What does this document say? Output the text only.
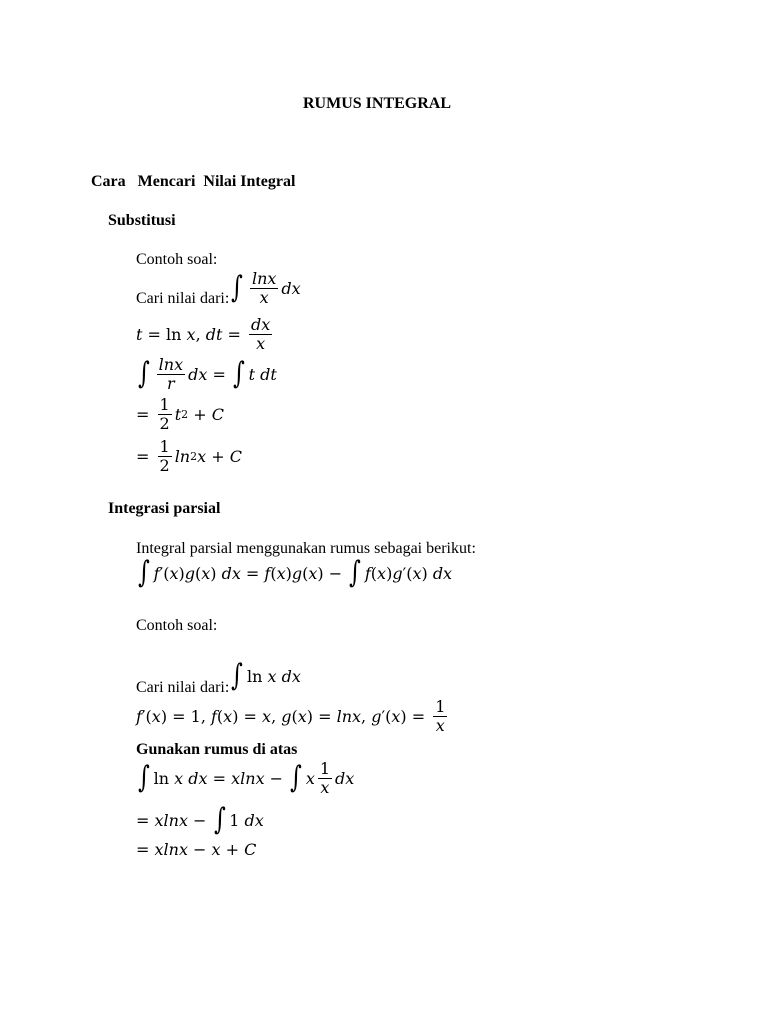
RUMUS INTEGRAL
Cara   Mencari  Nilai Integral
Substitusi
Contoh soal:
Cari nilai dari: ∫ $\frac{\ln x}{x}$ dx
t = ln x , dt = $\frac{dx}{x}$
∫ $\frac{\ln x}{r}$ dx = ∫ t dt
= $\frac{1}{2}$ t 2 + C
= $\frac{1}{2}$ ln 2 x + C
Integrasi parsial
Integral parsial menggunakan rumus sebagai berikut:
∫ f ′( x ) g ( x ) dx = f ( x ) g ( x ) − ∫ f ( x ) g ′( x ) dx
Contoh soal:
Cari nilai dari: ∫ ln x dx
f ′( x ) = 1, f ( x ) = x , g ( x ) = lnx , g ′( x ) = $\frac{1}{x}$
Gunakan rumus di atas
∫ ln x
dx = xlnx − ∫ x $\frac{1}{x}$ dx
= xlnx − ∫ 1 dx
= xlnx − x + C
